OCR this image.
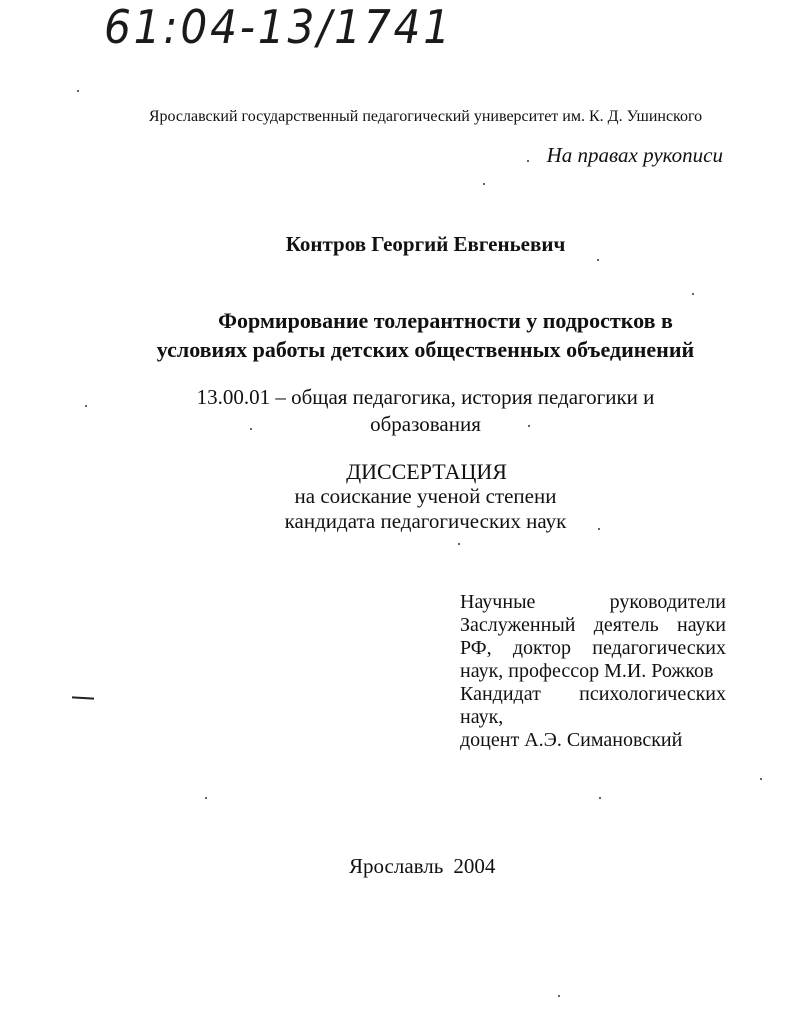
61:04-13/1741
Ярославский государственный педагогический университет им. К. Д. Ушинского
На правах рукописи
Контров Георгий Евгеньевич
Формирование толерантности у подростков в
условиях работы детских общественных объединений
13.00.01 – общая педагогика, история педагогики и
образования
ДИССЕРТАЦИЯ
на соискание ученой степени
кандидата педагогических наук
Научные руководители
Заслуженный деятель науки
РФ, доктор педагогических
наук, профессор М.И. Рожков
Кандидат психологических наук,
доцент А.Э. Симановский
Ярославль 2004
